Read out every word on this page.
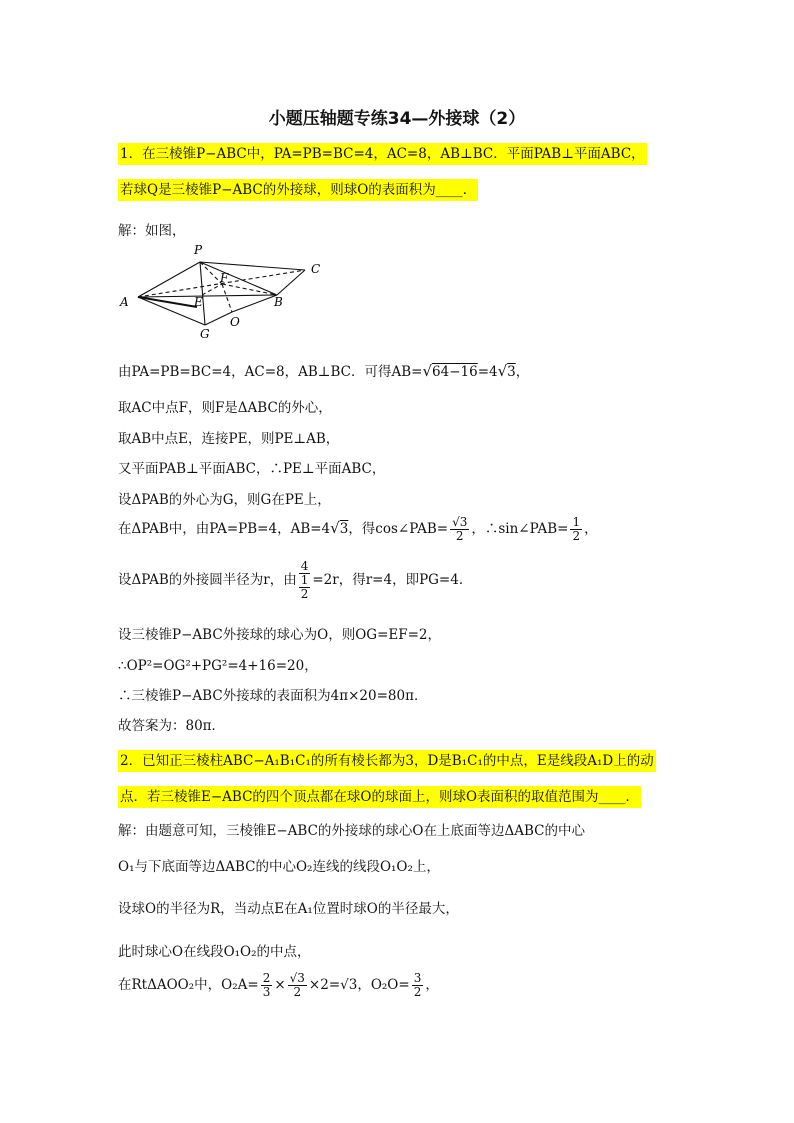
小题压轴题专练34—外接球（2）
1．在三棱锥P−ABC中，PA=PB=BC=4，AC=8，AB⊥BC．平面PAB⊥平面ABC，
若球Q是三棱锥P−ABC的外接球，则球O的表面积为____．
解：如图，
P
C
F
A	E	B
O
G
由PA=PB=BC=4，AC=8，AB⊥BC．可得AB=√64−16=4√3，
取AC中点F，则F是ΔABC的外心，
取AB中点E，连接PE，则PE⊥AB，
又平面PAB⊥平面ABC，∴PE⊥平面ABC，
设ΔPAB的外心为G，则G在PE上，
在ΔPAB中，由PA=PB=4，AB=4√3，得cos∠PAB= $\frac{√3}{2}$ ，∴sin∠PAB= $\frac{1}{2}$ ，
设ΔPAB的外接圆半径为r，由 4
1
2 =2r，得r=4，即PG=4．
设三棱锥P−ABC外接球的球心为O，则OG=EF=2，
∴OP²=OG²+PG²=4+16=20，
∴三棱锥P−ABC外接球的表面积为4π×20=80π．
故答案为：80π．
2．已知正三棱柱ABC−A₁B₁C₁的所有棱长都为3，D是B₁C₁的中点，E是线段A₁D上的动
点．若三棱锥E−ABC的四个顶点都在球O的球面上，则球O表面积的取值范围为____．
解：由题意可知，三棱锥E−ABC的外接球的球心O在上底面等边ΔABC的中心
O₁与下底面等边ΔABC的中心O₂连线的线段O₁O₂上，
设球O的半径为R，当动点E在A₁位置时球O的半径最大，
此时球心O在线段O₁O₂的中点，
在RtΔAOO₂中，$O_2A= \frac{2}{3} \times \frac{√3}{2} \times 2=√3$，$O_2O= \frac{3}{2}$ ，
